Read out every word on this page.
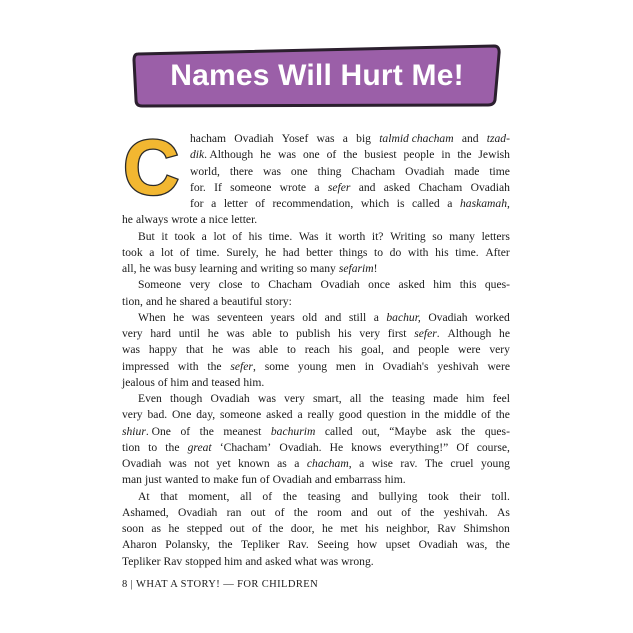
Names Will Hurt Me!
C hacham Ovadiah Yosef was a big talmid chacham and tzad-
dik. Although he was one of the busiest people in the Jewish
world, there was one thing Chacham Ovadiah made time
for. If someone wrote a sefer and asked Chacham Ovadiah
for a letter of recommendation, which is called a haskamah,
he always wrote a nice letter.
But it took a lot of his time. Was it worth it? Writing so many letters
took a lot of time. Surely, he had better things to do with his time. After
all, he was busy learning and writing so many sefarim!
Someone very close to Chacham Ovadiah once asked him this ques-
tion, and he shared a beautiful story:
When he was seventeen years old and still a bachur, Ovadiah worked
very hard until he was able to publish his very first sefer. Although he
was happy that he was able to reach his goal, and people were very
impressed with the sefer, some young men in Ovadiah's yeshivah were
jealous of him and teased him.
Even though Ovadiah was very smart, all the teasing made him feel
very bad. One day, someone asked a really good question in the middle of the
shiur. One of the meanest bachurim called out, “Maybe ask the ques-
tion to the great ‘Chacham’ Ovadiah. He knows everything!” Of course,
Ovadiah was not yet known as a chacham, a wise rav. The cruel young
man just wanted to make fun of Ovadiah and embarrass him.
At that moment, all of the teasing and bullying took their toll.
Ashamed, Ovadiah ran out of the room and out of the yeshivah. As
soon as he stepped out of the door, he met his neighbor, Rav Shimshon
Aharon Polansky, the Tepliker Rav. Seeing how upset Ovadiah was, the
Tepliker Rav stopped him and asked what was wrong.
8 | WHAT A STORY! — FOR CHILDREN
